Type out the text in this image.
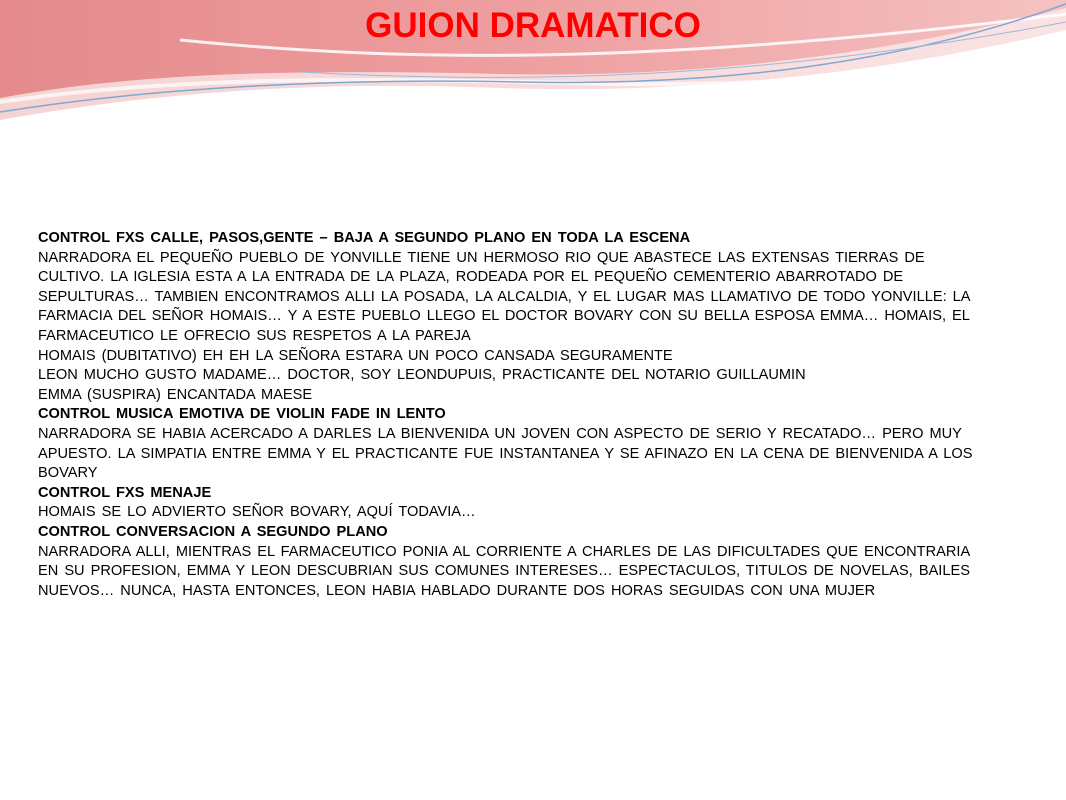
GUION DRAMATICO
CONTROL FXS CALLE, PASOS,GENTE – BAJA A SEGUNDO PLANO EN TODA LA ESCENA
NARRADORA EL PEQUEÑO PUEBLO DE YONVILLE TIENE UN HERMOSO RIO QUE ABASTECE LAS EXTENSAS TIERRAS DE CULTIVO. LA IGLESIA ESTA A LA ENTRADA DE LA PLAZA, RODEADA POR EL PEQUEÑO CEMENTERIO ABARROTADO DE SEPULTURAS… TAMBIEN ENCONTRAMOS ALLI LA POSADA, LA ALCALDIA, Y EL LUGAR MAS LLAMATIVO DE TODO YONVILLE: LA FARMACIA DEL SEÑOR HOMAIS… Y A ESTE PUEBLO LLEGO EL DOCTOR BOVARY CON SU BELLA ESPOSA EMMA… HOMAIS, EL FARMACEUTICO LE OFRECIO SUS RESPETOS A LA PAREJA
HOMAIS (DUBITATIVO) EH EH LA SEÑORA ESTARA UN POCO CANSADA SEGURAMENTE
LEON MUCHO GUSTO MADAME… DOCTOR, SOY LEONDUPUIS, PRACTICANTE DEL NOTARIO GUILLAUMIN
EMMA (SUSPIRA) ENCANTADA MAESE
CONTROL MUSICA EMOTIVA DE VIOLIN FADE IN LENTO
NARRADORA SE HABIA ACERCADO A DARLES LA BIENVENIDA UN JOVEN CON ASPECTO DE SERIO Y RECATADO… PERO MUY APUESTO. LA SIMPATIA ENTRE EMMA Y EL PRACTICANTE FUE INSTANTANEA Y SE AFINAZO EN LA CENA DE BIENVENIDA A LOS BOVARY
CONTROL FXS MENAJE
HOMAIS SE LO ADVIERTO SEÑOR BOVARY, AQUÍ TODAVIA…
CONTROL CONVERSACION A SEGUNDO PLANO
NARRADORA ALLI, MIENTRAS EL FARMACEUTICO PONIA AL CORRIENTE A CHARLES DE LAS DIFICULTADES QUE ENCONTRARIA EN SU PROFESION, EMMA Y LEON DESCUBRIAN SUS COMUNES INTERESES… ESPECTACULOS, TITULOS DE NOVELAS, BAILES NUEVOS… NUNCA, HASTA ENTONCES, LEON HABIA HABLADO DURANTE DOS HORAS SEGUIDAS CON UNA MUJER
